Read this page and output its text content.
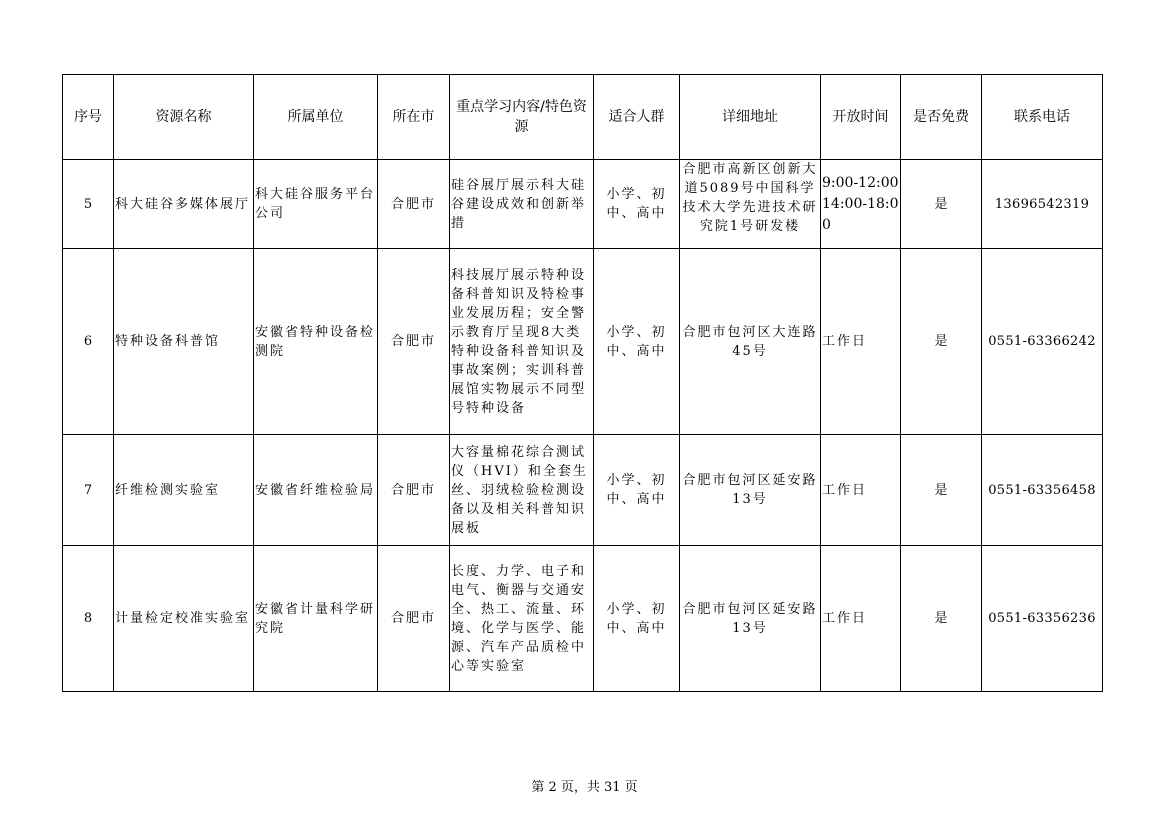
序号	资源名称	所属单位	所在市	重点学习内容/特色资源	适合人群	详细地址	开放时间	是否免费	联系电话
5	科大硅谷多媒体展厅	科大硅谷服务平台公司	合肥市	硅谷展厅展示科大硅谷建设成效和创新举措	小学、初中、高中	合肥市高新区创新大道5089号中国科学技术大学先进技术研究院1号研发楼	9:00-12:00 14:00-18:00	是	13696542319
6	特种设备科普馆	安徽省特种设备检测院	合肥市	科技展厅展示特种设备科普知识及特检事业发展历程；安全警示教育厅呈现8大类特种设备科普知识及事故案例；实训科普展馆实物展示不同型号特种设备	小学、初中、高中	合肥市包河区大连路45号	工作日	是	0551-63366242
7	纤维检测实验室	安徽省纤维检验局	合肥市	大容量棉花综合测试仪（HVI）和全套生丝、羽绒检验检测设备以及相关科普知识展板	小学、初中、高中	合肥市包河区延安路13号	工作日	是	0551-63356458
8	计量检定校准实验室	安徽省计量科学研究院	合肥市	长度、力学、电子和电气、衡器与交通安全、热工、流量、环境、化学与医学、能源、汽车产品质检中心等实验室	小学、初中、高中	合肥市包河区延安路13号	工作日	是	0551-63356236
第 2 页，共 31 页
